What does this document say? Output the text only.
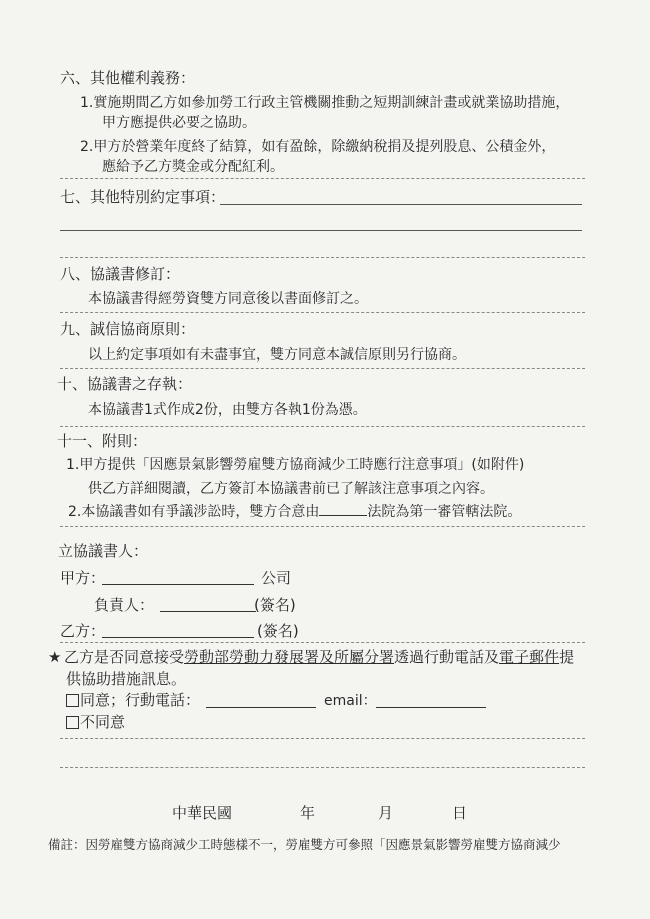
六、其他權利義務：
1.實施期間乙方如參加勞工行政主管機關推動之短期訓練計畫或就業協助措施，
甲方應提供必要之協助。
2.甲方於營業年度終了結算，如有盈餘，除繳納稅捐及提列股息、公積金外，
應給予乙方獎金或分配紅利。
七、其他特別約定事項：
八、協議書修訂：
本協議書得經勞資雙方同意後以書面修訂之。
九、誠信協商原則：
以上約定事項如有未盡事宜，雙方同意本誠信原則另行協商。
十、協議書之存執：
本協議書1式作成2份，由雙方各執1份為憑。
十一、附則：
1.甲方提供「因應景氣影響勞雇雙方協商減少工時應行注意事項」(如附件)
供乙方詳細閱讀，乙方簽訂本協議書前已了解該注意事項之內容。
2.本協議書如有爭議涉訟時，雙方合意由	法院為第一審管轄法院。
立協議書人：
甲方：	公司
負責人：	(簽名)
乙方：	(簽名)
★ 乙方是否同意接受勞動部勞動力發展署及所屬分署透過行動電話及電子郵件提
供協助措施訊息。
同意；行動電話：	email：
不同意
中華民國	年	月	日
備註：因勞雇雙方協商減少工時態樣不一，勞雇雙方可參照「因應景氣影響勞雇雙方協商減少
